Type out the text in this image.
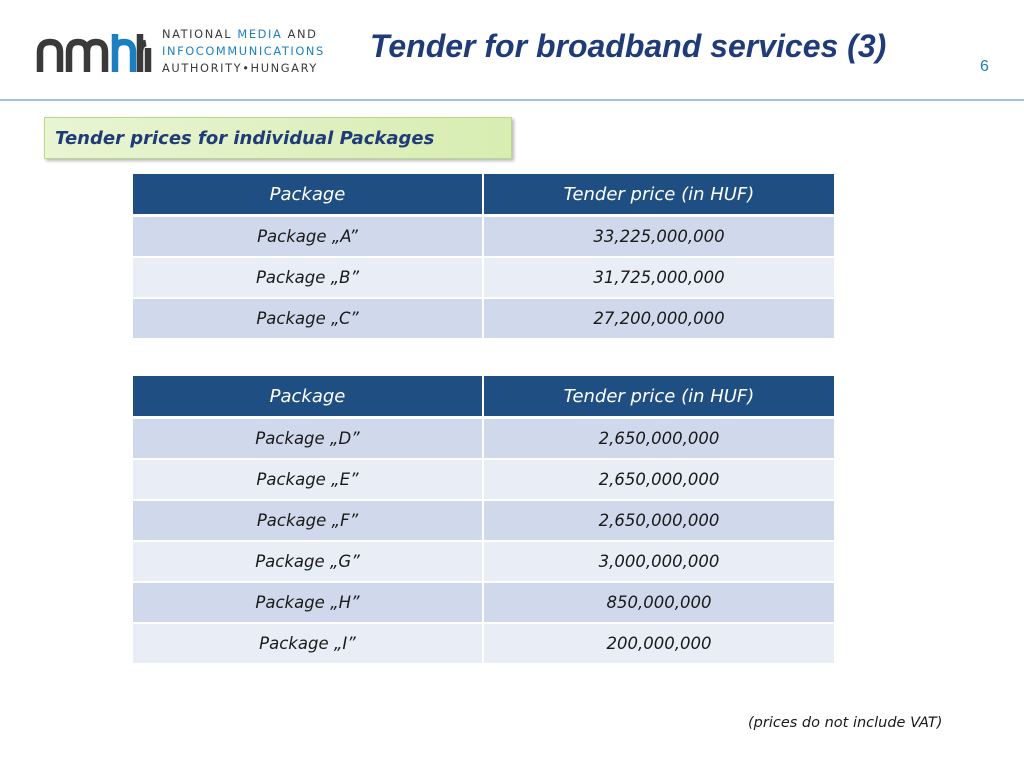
NATIONAL MEDIA AND
INFOCOMMUNICATIONS
AUTHORITY•HUNGARY
Tender for broadband services (3)
6
Tender prices for individual Packages
Package	Tender price (in HUF)
Package „A”	33,225,000,000
Package „B”	31,725,000,000
Package „C”	27,200,000,000
Package	Tender price (in HUF)
Package „D”	2,650,000,000
Package „E”	2,650,000,000
Package „F”	2,650,000,000
Package „G”	3,000,000,000
Package „H”	850,000,000
Package „I”	200,000,000
(prices do not include VAT)
